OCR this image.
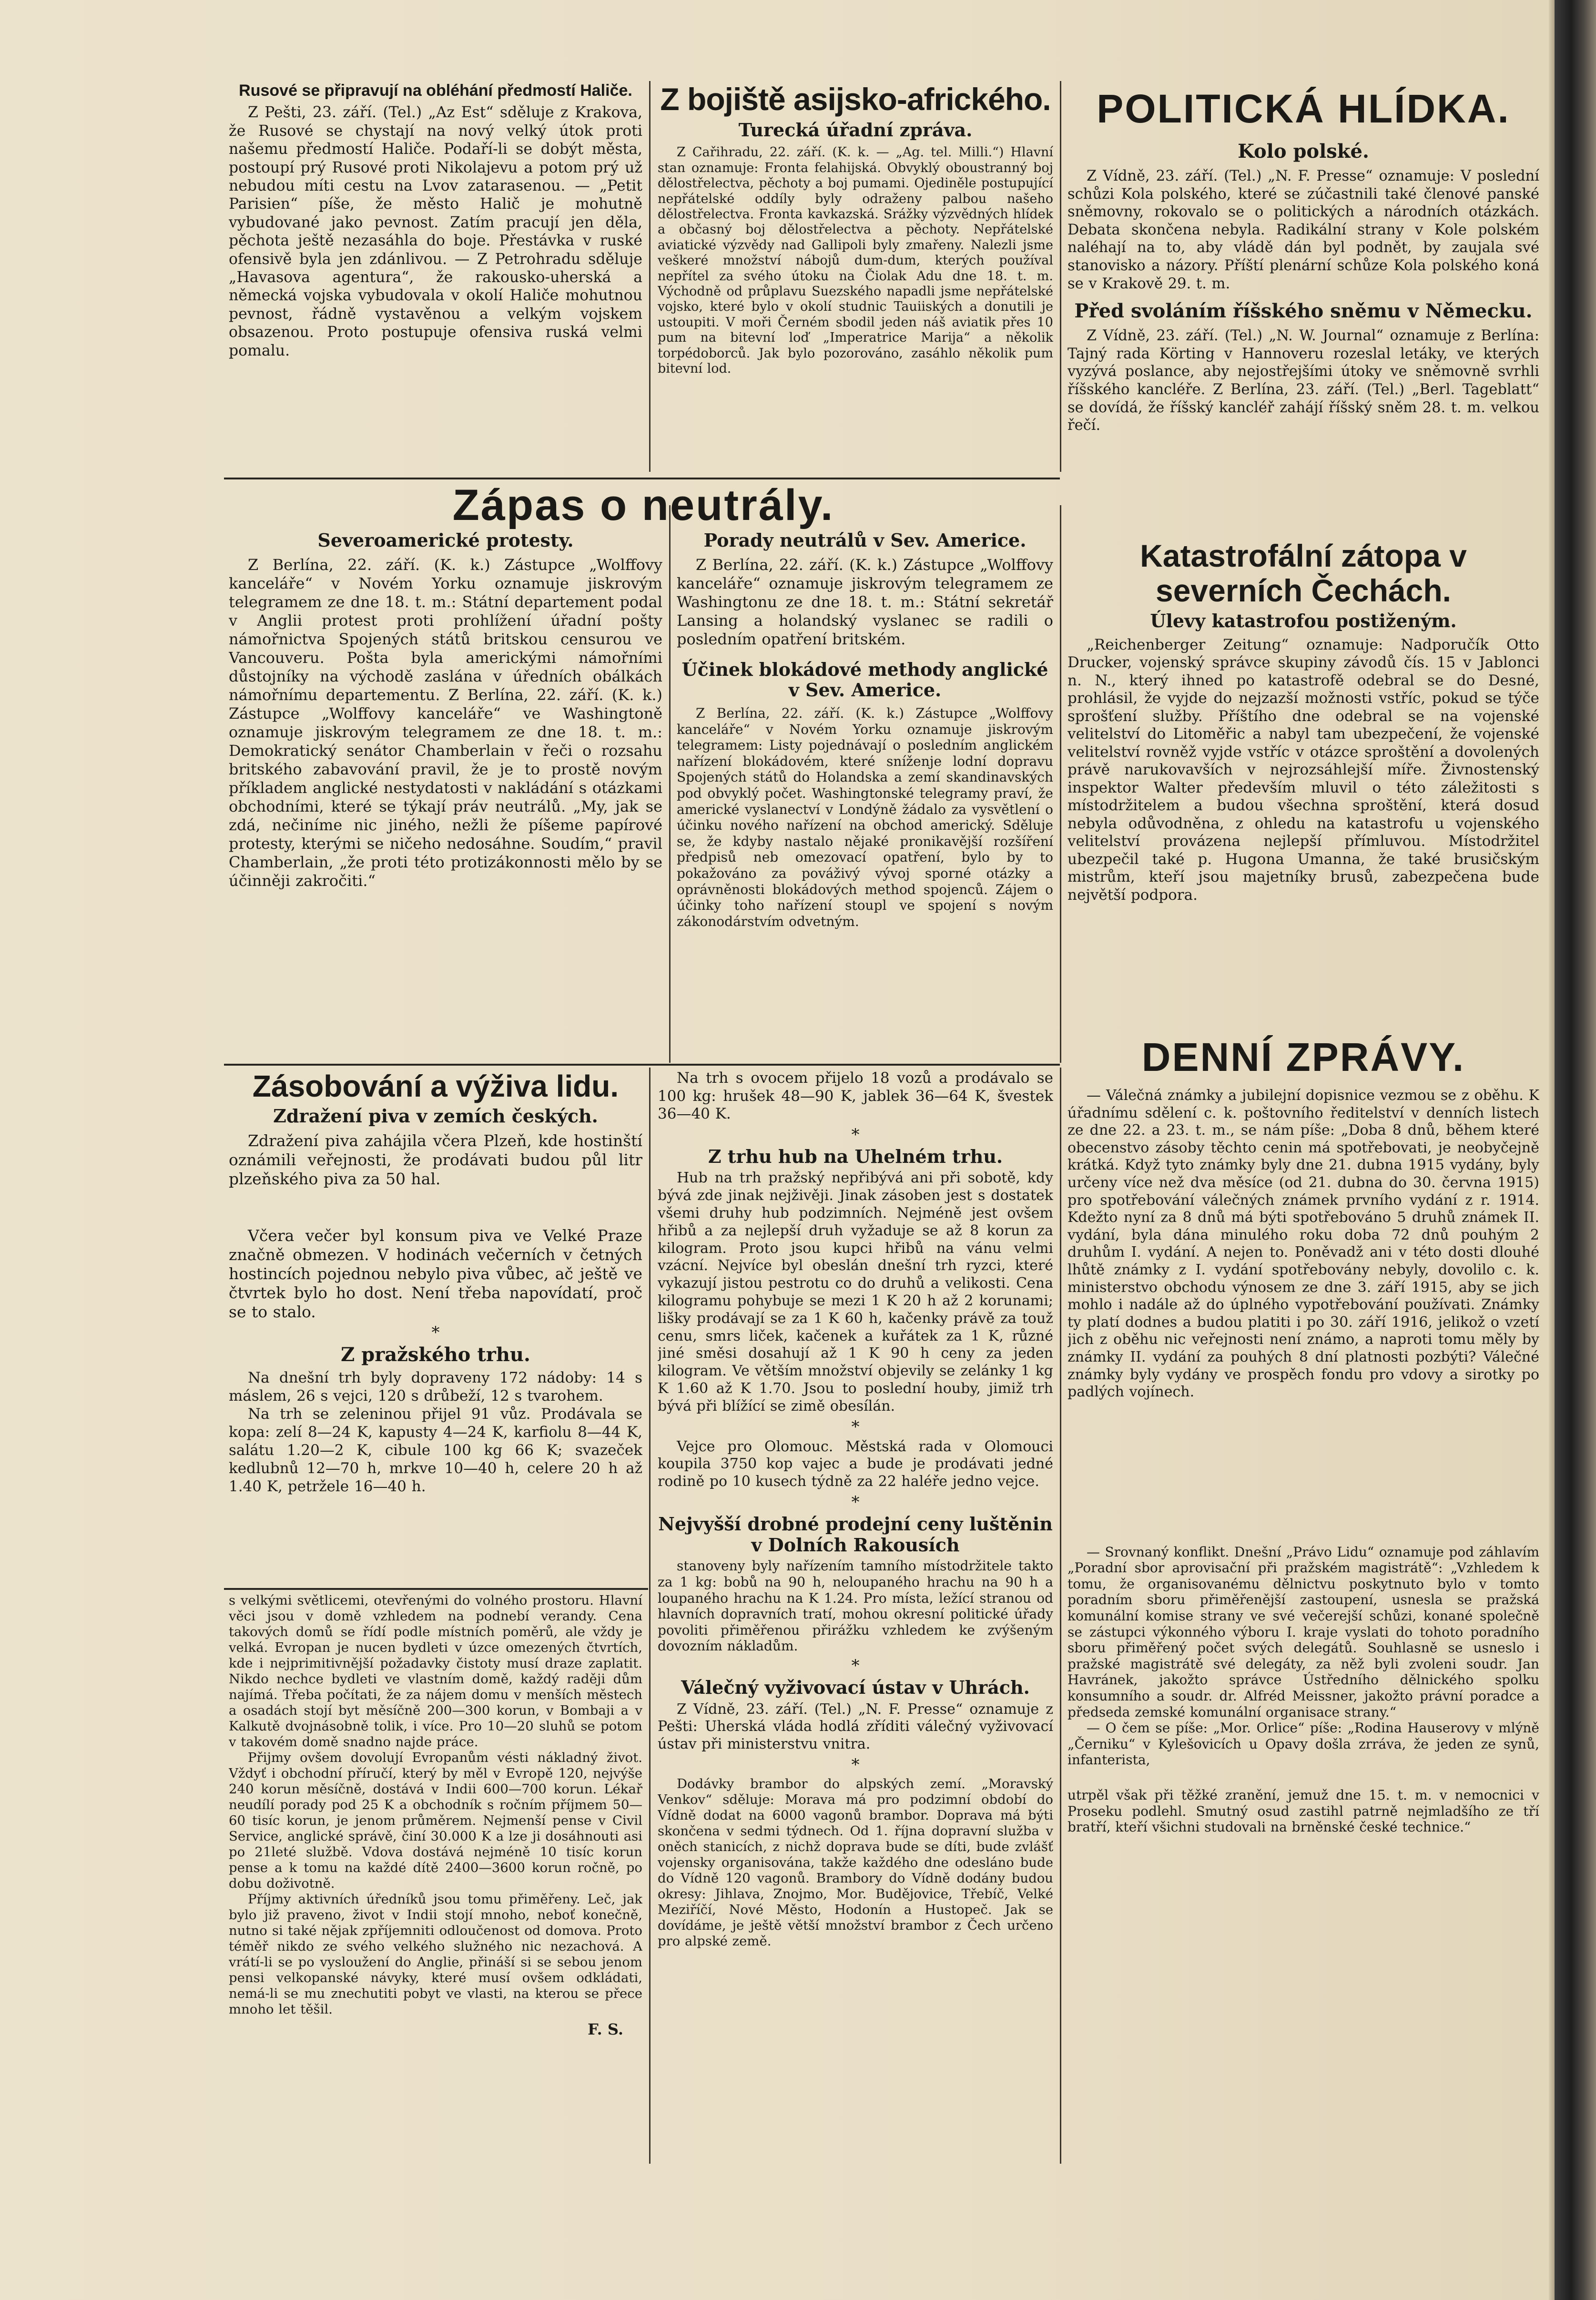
Rusové se připravují na obléhání předmostí Haliče.

Z Pešti, 23. září. (Tel.) „Az Est“ sděluje z Krakova, že Rusové se chystají na nový velký útok proti našemu předmostí Haliče. Podaří-li se dobýt města, postoupí prý Rusové proti Nikolajevu a potom prý už nebudou míti cestu na Lvov zatarasenou. — „Petit Parisien“ píše, že město Halič je mohutně vybudované jako pevnost. Zatím pracují jen děla, pěchota ještě nezasáhla do boje. Přestávka v ruské ofensivě byla jen zdánlivou. — Z Petrohradu sděluje „Havasova agentura“, že rakousko-uherská a německá vojska vybudovala v okolí Haliče mohutnou pevnost, řádně vystavěnou a velkým vojskem obsazenou. Proto postupuje ofensiva ruská velmi pomalu.

Z bojiště asijsko-afrického.
Turecká úřadní zpráva.

Z Cařihradu, 22. září. (K. k. — „Ag. tel. Milli.“) Hlavní stan oznamuje: Fronta felahijská. Obvyklý oboustranný boj dělostřelectva, pěchoty a boj pumami. Ojediněle postupující nepřátelské oddíly byly odraženy palbou našeho dělostřelectva. Fronta kavkazská. Srážky výzvědných hlídek a občasný boj dělostřelectva a pěchoty. Nepřátelské aviatické výzvědy nad Gallipoli byly zmařeny. Nalezli jsme veškeré množství nábojů dum-dum, kterých používal nepřítel za svého útoku na Čiolak Adu dne 18. t. m. Východně od průplavu Suezského napadli jsme nepřátelské vojsko, které bylo v okolí studnic Tauiiských a donutili je ustoupiti. V moři Černém sbodil jeden náš aviatik přes 10 pum na bitevní loď „Imperatrice Marija“ a několik torpédoborců. Jak bylo pozorováno, zasáhlo několik pum bitevní lod.

POLITICKÁ HLÍDKA.
Kolo polské.

Z Vídně, 23. září. (Tel.) „N. F. Presse“ oznamuje: V poslední schůzi Kola polského, které se zúčastnili také členové panské sněmovny, rokovalo se o politických a národních otázkách. Debata skončena nebyla. Radikální strany v Kole polském naléhají na to, aby vládě dán byl podnět, by zaujala své stanovisko a názory. Příští plenární schůze Kola polského koná se v Krakově 29. t. m.

Před svoláním říšského sněmu v Německu.

Z Vídně, 23. září. (Tel.) „N. W. Journal“ oznamuje z Berlína: Tajný rada Körting v Hannoveru rozeslal letáky, ve kterých vyzývá poslance, aby nejostřejšími útoky ve sněmovně svrhli říšského kancléře. Z Berlína, 23. září. (Tel.) „Berl. Tageblatt“ se dovídá, že říšský kancléř zahájí říšský sněm 28. t. m. velkou řečí.

Zápas o neutrály.
Severoamerické protesty.

Z Berlína, 22. září. (K. k.) Zástupce „Wolffovy kanceláře“ v Novém Yorku oznamuje jiskrovým telegramem ze dne 18. t. m.: Státní departement podal v Anglii protest proti prohlížení úřadní pošty námořnictva Spojených států britskou censurou ve Vancouveru. Pošta byla americkými námořními důstojníky na východě zaslána v úředních obálkách námořnímu departementu. Z Berlína, 22. září. (K. k.) Zástupce „Wolffovy kanceláře“ ve Washingtoně oznamuje jiskrovým telegramem ze dne 18. t. m.: Demokratický senátor Chamberlain v řeči o rozsahu britského zabavování pravil, že je to prostě novým příkladem anglické nestydatosti v nakládání s otázkami obchodními, které se týkají práv neutrálů. „My, jak se zdá, nečiníme nic jiného, nežli že píšeme papírové protesty, kterými se ničeho nedosáhne. Soudím,“ pravil Chamberlain, „že proti této protizákonnosti mělo by se účinněji zakročiti.“

Porady neutrálů v Sev. Americe.

Z Berlína, 22. září. (K. k.) Zástupce „Wolffovy kanceláře“ oznamuje jiskrovým telegramem ze Washingtonu ze dne 18. t. m.: Státní sekretář Lansing a holandský vyslanec se radili o posledním opatření britském.

Účinek blokádové methody anglické v Sev. Americe.

Z Berlína, 22. září. (K. k.) Zástupce „Wolffovy kanceláře“ v Novém Yorku oznamuje jiskrovým telegramem: Listy pojednávají o posledním anglickém nařízení blokádovém, které sníženje lodní dopravu Spojených států do Holandska a zemí skandinavských pod obvyklý počet. Washingtonské telegramy praví, že americké vyslanectví v Londýně žádalo za vysvětlení o účinku nového nařízení na obchod americký. Sděluje se, že kdyby nastalo nějaké pronikavější rozšíření předpisů neb omezovací opatření, bylo by to pokažováno za pováživý vývoj sporné otázky a oprávněnosti blokádových method spojenců. Zájem o účinky toho nařízení stoupl ve spojení s novým zákonodárstvím odvetným.

Katastrofální zátopa v severních Čechách.
Úlevy katastrofou postiženým.

„Reichenberger Zeitung“ oznamuje: Nadporučík Otto Drucker, vojenský správce skupiny závodů čís. 15 v Jablonci n. N., který ihned po katastrofě odebral se do Desné, prohlásil, že vyjde do nejzazší možnosti vstříc, pokud se týče sprošťení služby. Příštího dne odebral se na vojenské velitelství do Litoměřic a nabyl tam ubezpečení, že vojenské velitelství rovněž vyjde vstříc v otázce sproštění a dovolených právě narukovavších v nejrozsáhlejší míře. Živnostenský inspektor Walter především mluvil o této záležitosti s místodržitelem a budou všechna sproštění, která dosud nebyla odůvodněna, z ohledu na katastrofu u vojenského velitelství provázena nejlepší přímluvou. Místodržitel ubezpečil také p. Hugona Umanna, že také brusičským mistrům, kteří jsou majetníky brusů, zabezpečena bude největší podpora.

Zásobování a výživa lidu.
Zdražení piva v zemích českých.

Zdražení piva zahájila včera Plzeň, kde hostinští oznámili veřejnosti, že prodávati budou půl litr plzeňského piva za 50 hal.

Včera večer byl konsum piva ve Velké Praze značně obmezen. V hodinách večerních v četných hostincích pojednou nebylo piva vůbec, ač ještě ve čtvrtek bylo ho dost. Není třeba napovídatí, proč se to stalo.

*
Z pražského trhu.

Na dnešní trh byly dopraveny 172 nádoby: 14 s máslem, 26 s vejci, 120 s drůbeží, 12 s tvarohem.

Na trh se zeleninou přijel 91 vůz. Prodávala se kopa: zelí 8—24 K, kapusty 4—24 K, karfiolu 8—44 K, salátu 1.20—2 K, cibule 100 kg 66 K; svazeček kedlubnů 12—70 h, mrkve 10—40 h, celere 20 h až 1.40 K, petrželе 16—40 h.

Na trh s ovocem přijelo 18 vozů a prodávalo se 100 kg: hrušek 48—90 K, jablek 36—64 K, švestek 36—40 K.

*
Z trhu hub na Uhelném trhu.

Hub na trh pražský nepřibývá ani při sobotě, kdy bývá zde jinak nejživěji. Jinak zásoben jest s dostatek všemi druhy hub podzimních. Nejméně jest ovšem hřibů a za nejlepší druh vyžaduje se až 8 korun za kilogram. Proto jsou kupci hřibů na vánu velmi vzácní. Nejvíce byl obeslán dnešní trh ryzci, které vykazují jistou pestrotu co do druhů a velikosti. Cena kilogramu pohybuje se mezi 1 K 20 h až 2 korunami; lišky prodávají se za 1 K 60 h, kačenky právě za touž cenu, smrs liček, kačenek a kuřátek za 1 K, různé jiné směsi dosahují až 1 K 90 h ceny za jeden kilogram. Ve větším množství objevily se zelánky 1 kg K 1.60 až K 1.70. Jsou to poslední houby, jimiž trh bývá při blížící se zimě obesílán.

*

Vejce pro Olomouc. Městská rada v Olomouci koupila 3750 kop vajec a bude je prodávati jedné rodině po 10 kusech týdně za 22 haléře jedno vejce.

*
Nejvyšší drobné prodejní ceny luštěnin v Dolních Rakousích

stanoveny byly nařízením tamního místodržitele takto za 1 kg: bobů na 90 h, neloupaného hrachu na 90 h a loupaného hrachu na K 1.24. Pro místa, ležící stranou od hlavních dopravních tratí, mohou okresní politické úřady povoliti přiměřenou přirážku vzhledem ke zvýšeným dovozním nákladům.

*
Válečný vyživovací ústav v Uhrách.

Z Vídně, 23. září. (Tel.) „N. F. Presse“ oznamuje z Pešti: Uherská vláda hodlá zříditi válečný vyživovací ústav při ministerstvu vnitra.

*

Dodávky brambor do alpských zemí. „Moravský Venkov“ sděluje: Morava má pro podzimní období do Vídně dodat na 6000 vagonů brambor. Doprava má býti skončena v sedmi týdnech. Od 1. října dopravní služba v oněch stanicích, z nichž doprava bude se díti, bude zvlášť vojensky organisována, takže každého dne odesláno bude do Vídně 120 vagonů. Brambory do Vídně dodány budou okresy: Jihlava, Znojmo, Mor. Budějovice, Třebíč, Velké Meziříčí, Nové Město, Hodonín a Hustopeč. Jak se dovídáme, je ještě větší množství brambor z Čech určeno pro alpské země.

s velkými světlicemi, otevřenými do volného prostoru. Hlavní věci jsou v domě vzhledem na podnebí verandy. Cena takových domů se řídí podle místních poměrů, ale vždy je velká. Evropan je nucen bydleti v úzce omezených čtvrtích, kde i nejprimitivnější požadavky čistoty musí draze zaplatit. Nikdo nechce bydleti ve vlastním domě, každý raději dům najímá. Třeba počítati, že za nájem domu v menších městech a osadách stojí byt měsíčně 200—300 korun, v Bombaji a v Kalkutě dvojnásobně tolik, i více. Pro 10—20 sluhů se potom v takovém domě snadno najde práce.

Přijmy ovšem dovolují Evropanům vésti nákladný život. Vždyť i obchodní příručí, který by měl v Evropě 120, nejvýše 240 korun měsíčně, dostává v Indii 600—700 korun. Lékař neudílí porady pod 25 K a obchodník s ročním příjmem 50—60 tisíc korun, je jenom průměrem. Nejmenší pense v Civil Service, anglické správě, činí 30.000 K a lze ji dosáhnouti asi po 21leté službě. Vdova dostává nejméně 10 tisíc korun pense a k tomu na každé dítě 2400—3600 korun ročně, po dobu doživotně.

Příjmy aktivních úředníků jsou tomu přiměřeny. Leč, jak bylo již praveno, život v Indii stojí mnoho, neboť konečně, nutno si také nějak zpříjemniti odloučenost od domova. Proto téměř nikdo ze svého velkého služného nic nezachová. A vrátí-li se po vysloužení do Anglie, přináší si se sebou jenom pensi velkopanské návyky, které musí ovšem odkládati, nemá-li se mu znechutiti pobyt ve vlasti, na kterou se přece mnoho let těšil.

F. S.
DENNÍ ZPRÁVY.

— Válečná známky a jubilejní dopisnice vezmou se z oběhu. K úřadnímu sdělení c. k. poštovního ředitelství v denních listech ze dne 22. a 23. t. m., se nám píše: „Doba 8 dnů, během které obecenstvo zásoby těchto cenin má spotřebovati, je neobyčejně krátká. Když tyto známky byly dne 21. dubna 1915 vydány, byly určeny více než dva měsíce (od 21. dubna do 30. června 1915) pro spotřebování válečných známek prvního vydání z r. 1914. Kdežto nyní za 8 dnů má býti spotřebováno 5 druhů známek II. vydání, byla dána minulého roku doba 72 dnů pouhým 2 druhům I. vydání. A nejen to. Poněvadž ani v této dosti dlouhé lhůtě známky z I. vydání spotřebovány nebyly, dovolilo c. k. ministerstvo obchodu výnosem ze dne 3. září 1915, aby se jich mohlo i nadále až do úplného vypotřebování používati. Známky ty platí dodnes a budou platiti i po 30. září 1916, jelikož o vzetí jich z oběhu nic veřejnosti není známo, a naproti tomu měly by známky II. vydání za pouhých 8 dní platnosti pozbýti? Válečné známky byly vydány ve prospěch fondu pro vdovy a sirotky po padlých vojínech.

— Srovnaný konflikt. Dnešní „Právo Lidu“ oznamuje pod záhlavím „Poradní sbor aprovisační při pražském magistrátě“: „Vzhledem k tomu, že organisovanému dělnictvu poskytnuto bylo v tomto poradním sboru přiměřenější zastoupení, usnesla se pražská komunální komise strany ve své večerejší schůzi, konané společně se zástupci výkonného výboru I. kraje vyslati do tohoto poradního sboru přiměřený počet svých delegátů. Souhlasně se usneslo i pražské magistrátě své delegáty, za něž byli zvoleni soudr. Jan Havránek, jakožto správce Ústředního dělnického spolku konsumního a soudr. dr. Alfréd Meissner, jakožto právní poradce a předseda zemské komunální organisace strany.“

— O čem se píše: „Mor. Orlice“ píše: „Rodina Hauserovy v mlýně „Černiku“ v Kylešovicích u Opavy došla zrráva, že jeden ze synů, infanterista,

utrpěl však při těžké zranění, jemuž dne 15. t. m. v nemocnici v Proseku podlehl. Smutný osud zastihl patrně nejmladšího ze tří bratří, kteří všichni studovali na brněnské české technice.“
